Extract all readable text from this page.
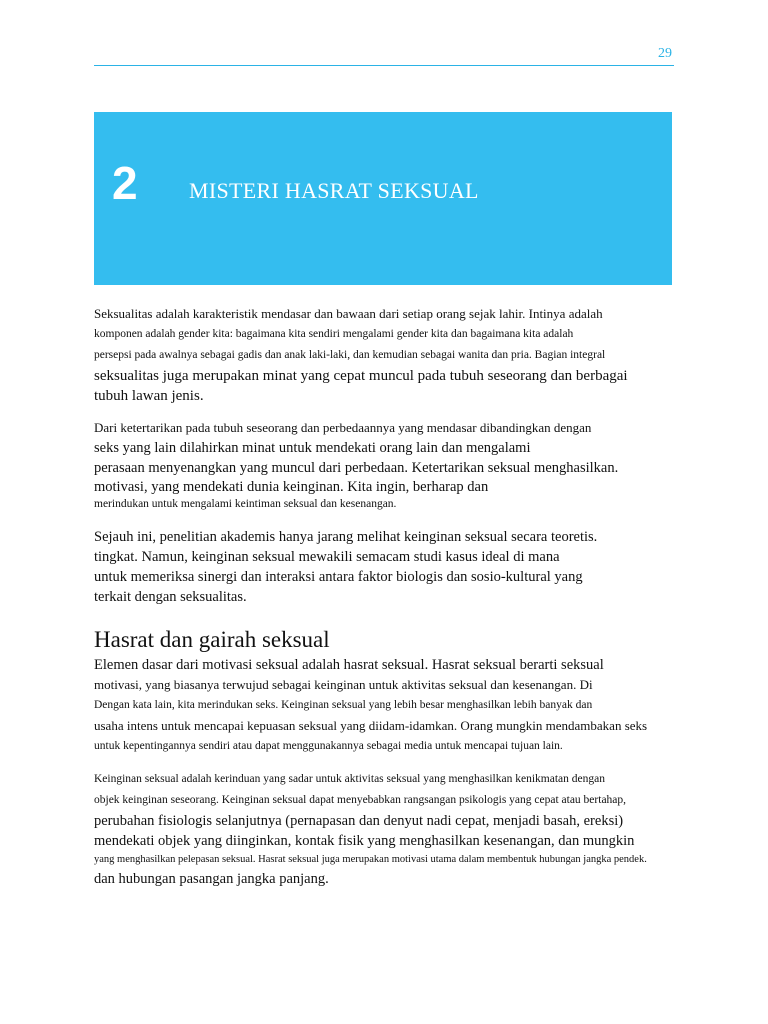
29
2 MISTERI HASRAT SEKSUAL
Seksualitas adalah karakteristik mendasar dan bawaan dari setiap orang sejak lahir. Intinya adalah
komponen adalah gender kita: bagaimana kita sendiri mengalami gender kita dan bagaimana kita adalah
persepsi pada awalnya sebagai gadis dan anak laki-laki, dan kemudian sebagai wanita dan pria. Bagian integral
seksualitas juga merupakan minat yang cepat muncul pada tubuh seseorang dan berbagai
tubuh lawan jenis.
Dari ketertarikan pada tubuh seseorang dan perbedaannya yang mendasar dibandingkan dengan
seks yang lain dilahirkan minat untuk mendekati orang lain dan mengalami
perasaan menyenangkan yang muncul dari perbedaan. Ketertarikan seksual menghasilkan.
motivasi, yang mendekati dunia keinginan. Kita ingin, berharap dan
merindukan untuk mengalami keintiman seksual dan kesenangan.
Sejauh ini, penelitian akademis hanya jarang melihat keinginan seksual secara teoretis.
tingkat. Namun, keinginan seksual mewakili semacam studi kasus ideal di mana
untuk memeriksa sinergi dan interaksi antara faktor biologis dan sosio-kultural yang
terkait dengan seksualitas.
Hasrat dan gairah seksual
Elemen dasar dari motivasi seksual adalah hasrat seksual. Hasrat seksual berarti seksual
motivasi, yang biasanya terwujud sebagai keinginan untuk aktivitas seksual dan kesenangan. Di
Dengan kata lain, kita merindukan seks. Keinginan seksual yang lebih besar menghasilkan lebih banyak dan
usaha intens untuk mencapai kepuasan seksual yang diidam-idamkan. Orang mungkin mendambakan seks
untuk kepentingannya sendiri atau dapat menggunakannya sebagai media untuk mencapai tujuan lain.
Keinginan seksual adalah kerinduan yang sadar untuk aktivitas seksual yang menghasilkan kenikmatan dengan
objek keinginan seseorang. Keinginan seksual dapat menyebabkan rangsangan psikologis yang cepat atau bertahap,
perubahan fisiologis selanjutnya (pernapasan dan denyut nadi cepat, menjadi basah, ereksi)
mendekati objek yang diinginkan, kontak fisik yang menghasilkan kesenangan, dan mungkin
yang menghasilkan pelepasan seksual. Hasrat seksual juga merupakan motivasi utama dalam membentuk hubungan jangka pendek.
dan hubungan pasangan jangka panjang.
